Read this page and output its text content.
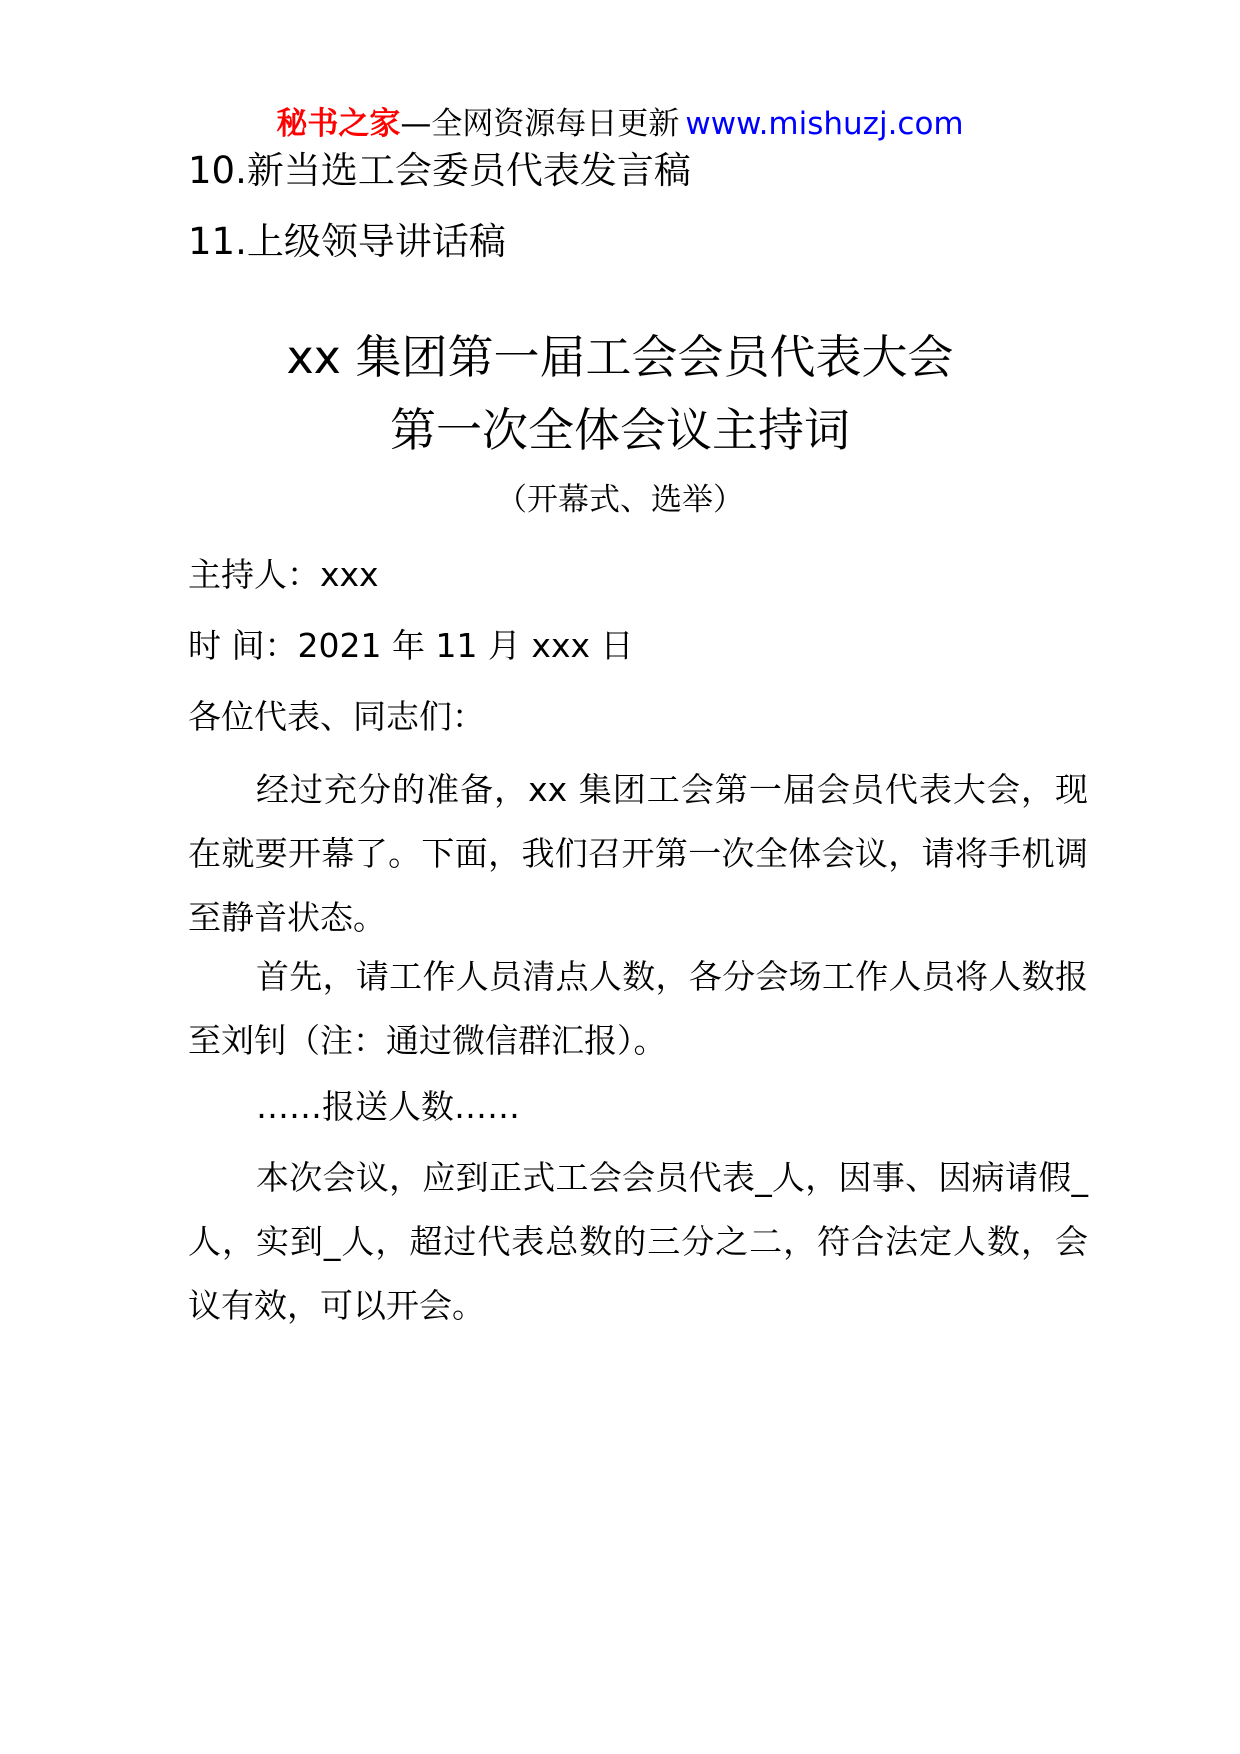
秘书之家—全网资源每日更新 www.mishuzj.com
10.新当选工会委员代表发言稿
11.上级领导讲话稿
xx 集团第一届工会会员代表大会
第一次全体会议主持词
（开幕式、选举）
主持人：xxx
时 间：2021 年 11 月 xxx 日
各位代表、同志们：
经过充分的准备，xx 集团工会第一届会员代表大会，现在就要开幕了。下面，我们召开第一次全体会议，请将手机调至静音状态。
首先，请工作人员清点人数，各分会场工作人员将人数报至刘钊（注：通过微信群汇报）。
……报送人数……
本次会议，应到正式工会会员代表_人，因事、因病请假_人，实到_人，超过代表总数的三分之二，符合法定人数，会议有效，可以开会。
